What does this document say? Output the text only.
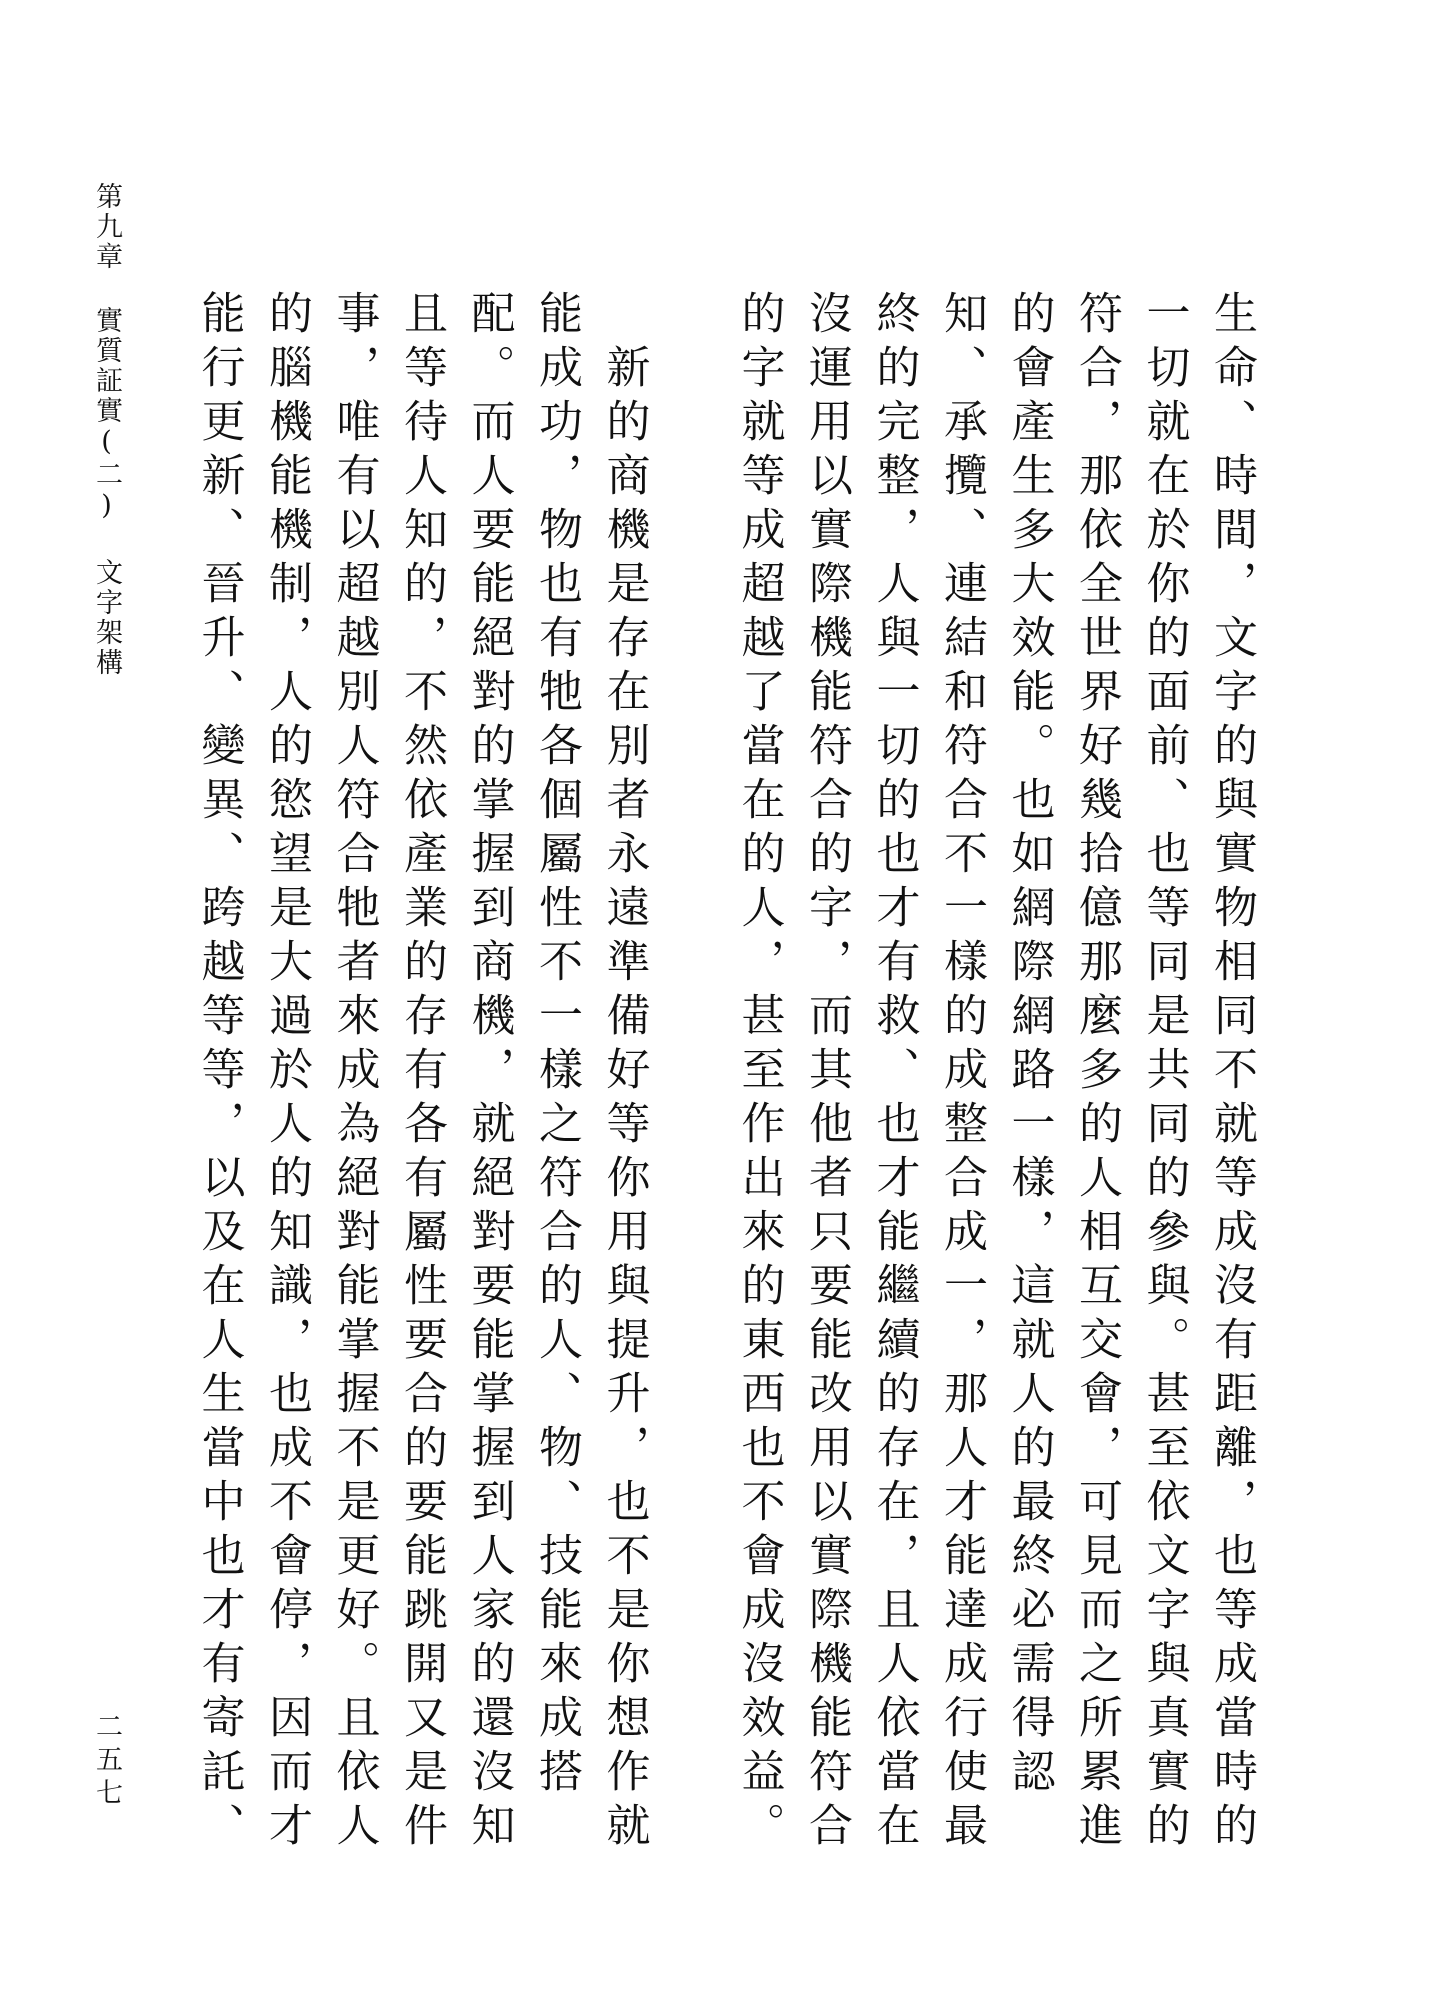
第九章實質証實(二)文字架構	生命、時間，文字的與實物相同不就等成沒有距離，也等成當時的一切就在於你的面前、也等同是共同的參與。甚至依文字與真實的符合，那依全世界好幾拾億那麼多的人相互交會，可見而之所累進的會產生多大效能。也如網際網路一樣，這就人的最終必需得認知、承攬、連結和符合不一樣的成整合成一，那人才能達成行使最終的完整，人與一切的也才有救、也才能繼續的存在，且人依當在沒運用以實際機能符合的字，而其他者只要能改用以實際機能符合的字就等成超越了當在的人，甚至作出來的東西也不會成沒效益。

　新的商機是存在別者永遠準備好等你用與提升，也不是你想作就能成功，物也有牠各個屬性不一樣之符合的人、物、技能來成搭配。而人要能絕對的掌握到商機，就絕對要能掌握到人家的還沒知且等待人知的，不然依產業的存有各有屬性要合的要能跳開又是件事，唯有以超越別人符合牠者來成為絕對能掌握不是更好。且依人的腦機能機制，人的慾望是大過於人的知識，也成不會停，因而才能行更新、晉升、變異、跨越等等，以及在人生當中也才有寄託、

二五七
